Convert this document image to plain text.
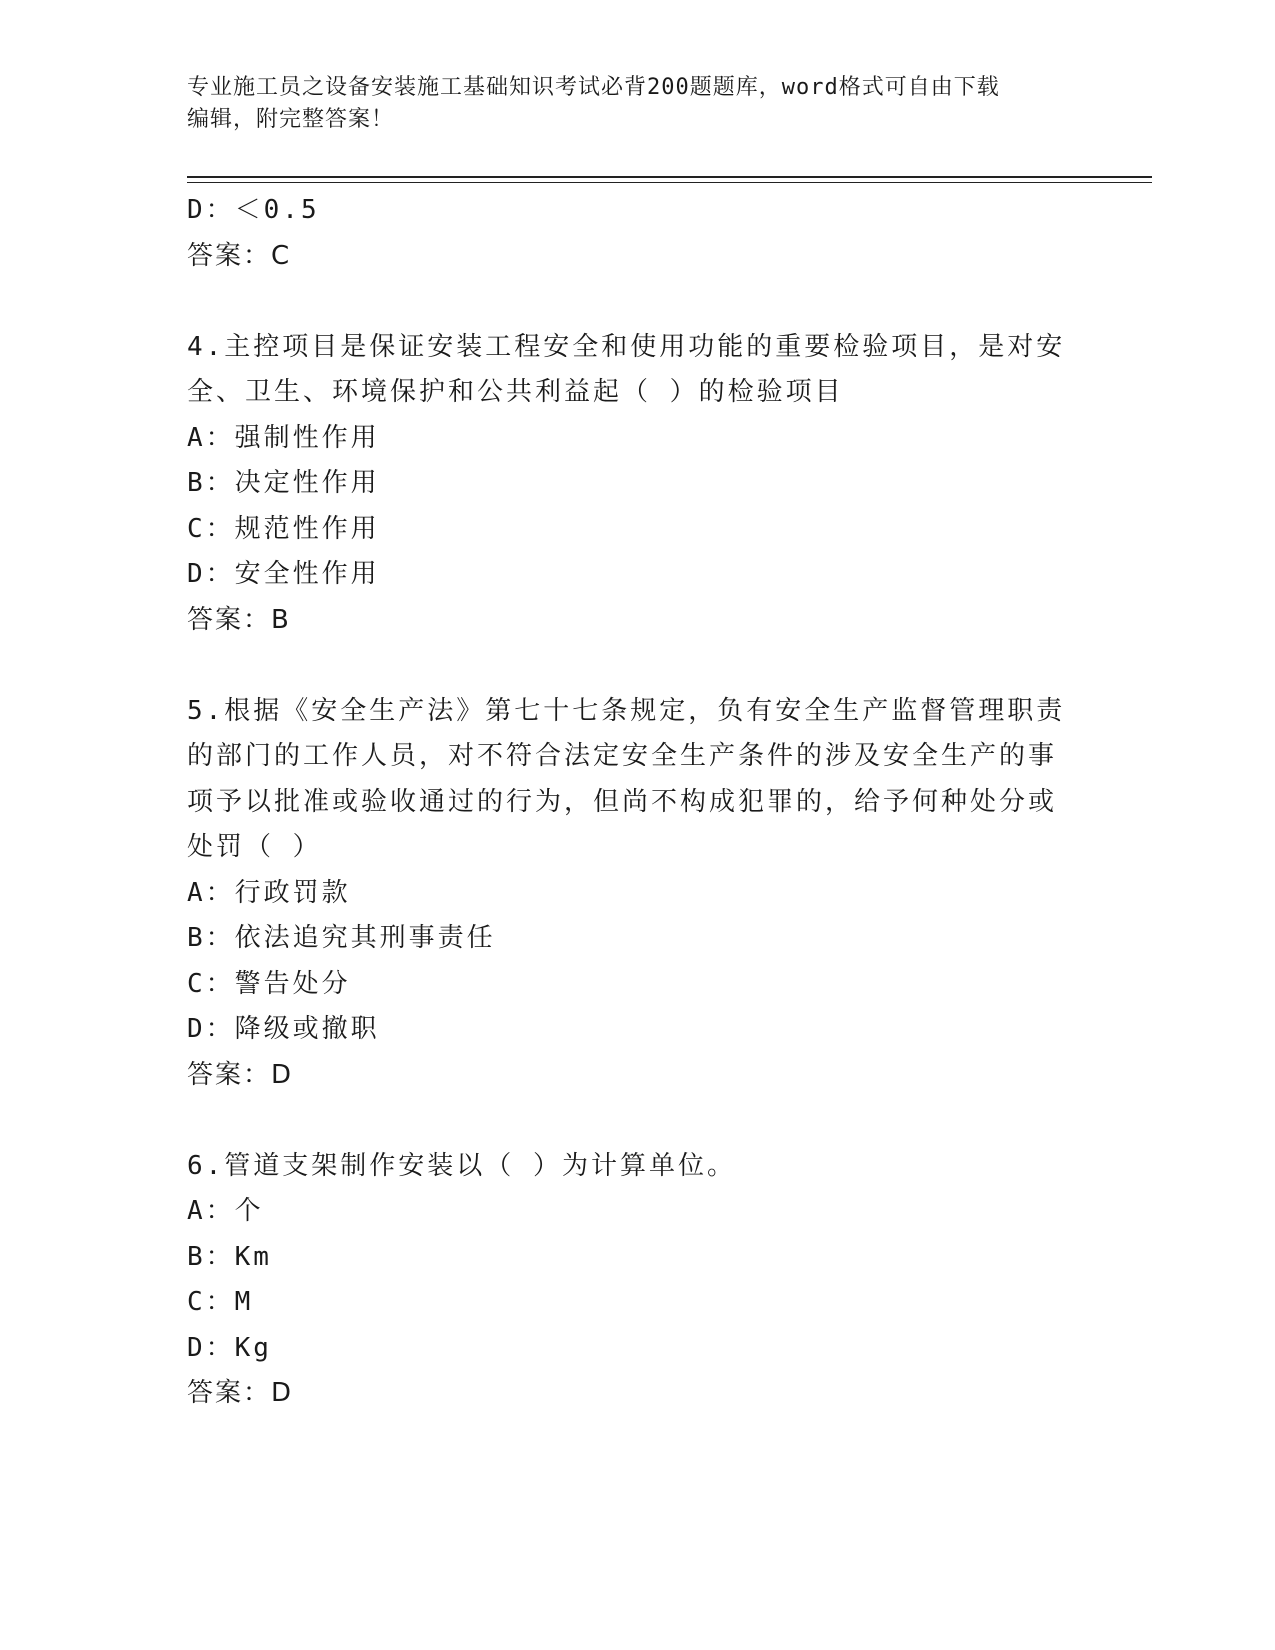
专业施工员之设备安装施工基础知识考试必背200题题库，word格式可自由下载
编辑，附完整答案！
D：＜0.5
答案：C
4.主控项目是保证安装工程安全和使用功能的重要检验项目，是对安
全、卫生、环境保护和公共利益起（ ）的检验项目
A：强制性作用
B：决定性作用
C：规范性作用
D：安全性作用
答案：B
5.根据《安全生产法》第七十七条规定，负有安全生产监督管理职责
的部门的工作人员，对不符合法定安全生产条件的涉及安全生产的事
项予以批准或验收通过的行为，但尚不构成犯罪的，给予何种处分或
处罚（ ）
A：行政罚款
B：依法追究其刑事责任
C：警告处分
D：降级或撤职
答案：D
6.管道支架制作安装以（ ）为计算单位。
A：个
B：Km
C：M
D：Kg
答案：D
